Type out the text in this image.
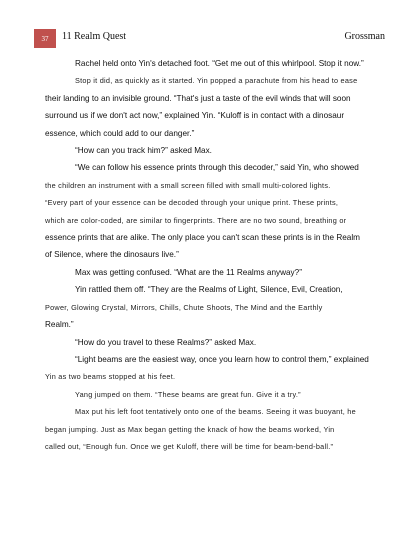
37	11 Realm Quest	Grossman

Rachel held onto Yin's detached foot. “Get me out of this whirlpool. Stop it now.”

Stop it did, as quickly as it started. Yin popped a parachute from his head to ease

their landing to an invisible ground. “That's just a taste of the evil winds that will soon

surround us if we don't act now,” explained Yin. “Kuloff is in contact with a dinosaur

essence, which could add to our danger.”

“How can you track him?” asked Max.

“We can follow his essence prints through this decoder,” said Yin, who showed

the children an instrument with a small screen filled with small multi-colored lights.

“Every part of your essence can be decoded through your unique print. These prints,

which are color-coded, are similar to fingerprints. There are no two sound, breathing or

essence prints that are alike. The only place you can't scan these prints is in the Realm

of Silence, where the dinosaurs live.”

Max was getting confused. “What are the 11 Realms anyway?”

Yin rattled them off. “They are the Realms of Light, Silence, Evil, Creation,

Power, Glowing Crystal, Mirrors, Chills, Chute Shoots, The Mind and the Earthly

Realm.”

“How do you travel to these Realms?” asked Max.

“Light beams are the easiest way, once you learn how to control them,” explained

Yin as two beams stopped at his feet.

Yang jumped on them. “These beams are great fun. Give it a try.”

Max put his left foot tentatively onto one of the beams. Seeing it was buoyant, he

began jumping. Just as Max began getting the knack of how the beams worked, Yin

called out, “Enough fun. Once we get Kuloff, there will be time for beam-bend-ball.”
